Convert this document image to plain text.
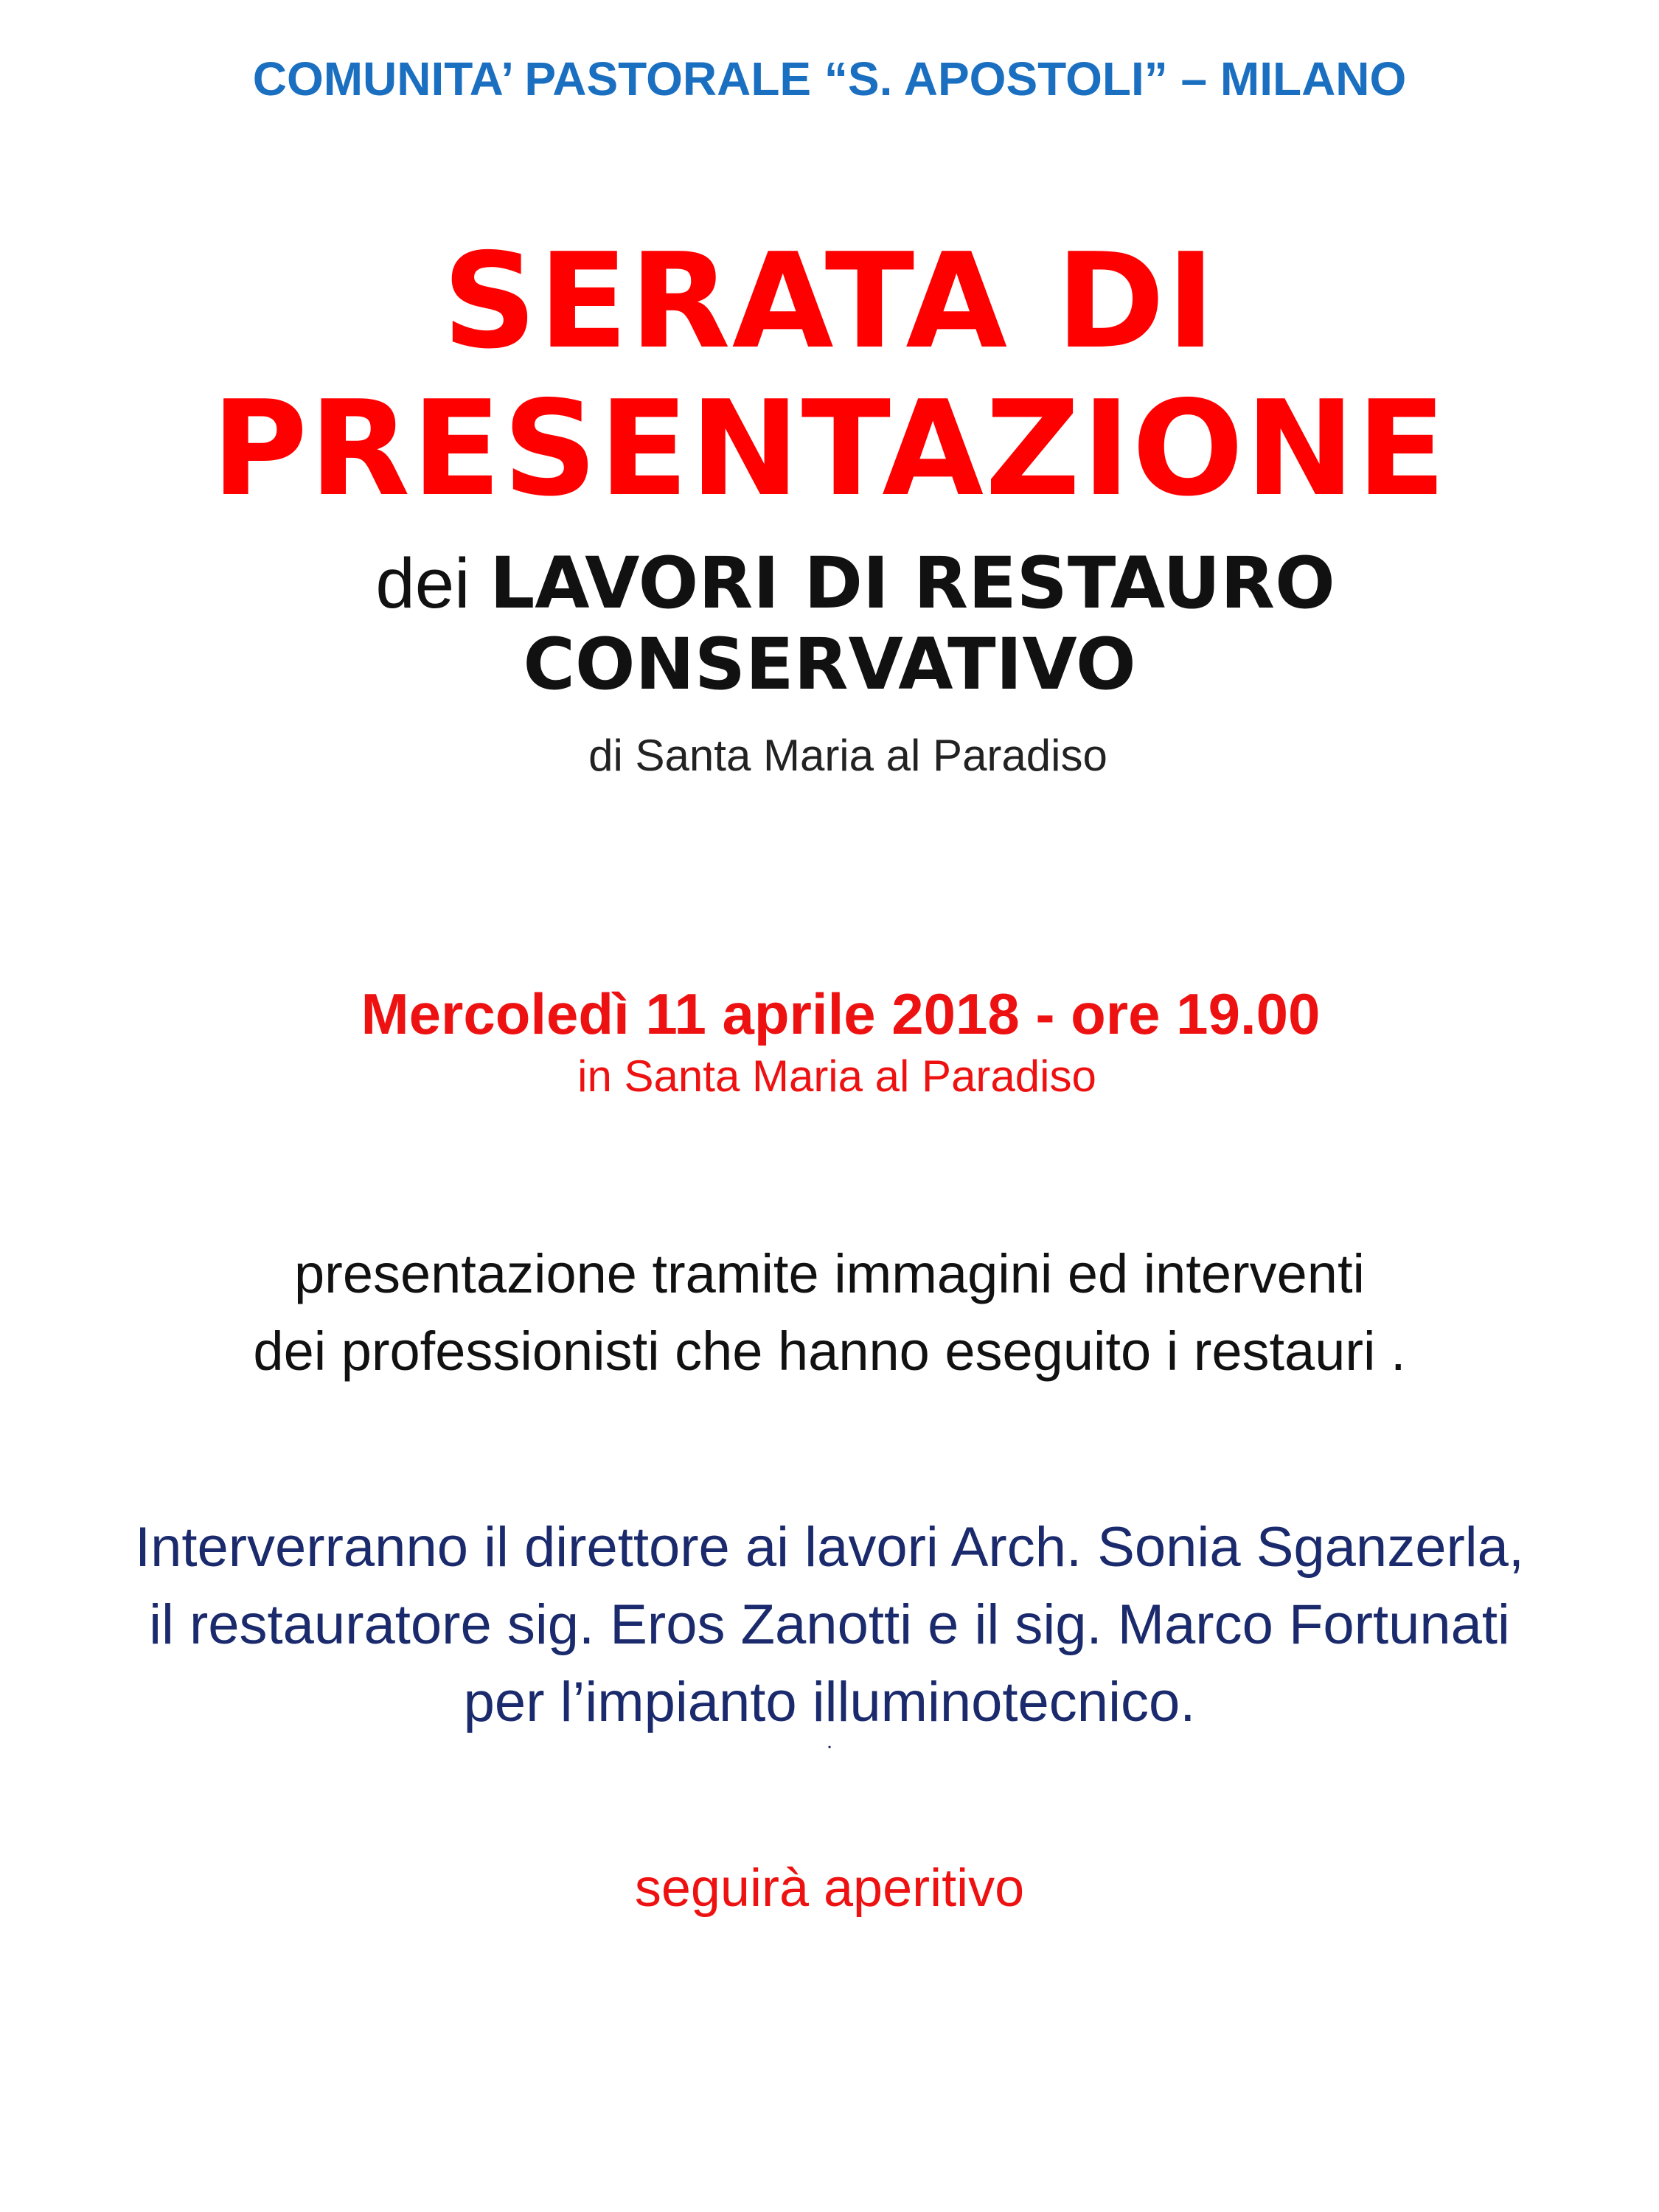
COMUNITA’ PASTORALE “S. APOSTOLI” – MILANO
SERATA DI
PRESENTAZIONE
dei LAVORI DI RESTAURO
CONSERVATIVO
di Santa Maria al Paradiso
Mercoledì 11 aprile 2018 - ore 19.00
in Santa Maria al Paradiso
presentazione tramite immagini ed interventi
dei professionisti che hanno eseguito i restauri .
Interverranno il direttore ai lavori Arch. Sonia Sganzerla,
il restauratore sig. Eros Zanotti e il sig. Marco Fortunati
per l’impianto illuminotecnico.
.
seguirà aperitivo
